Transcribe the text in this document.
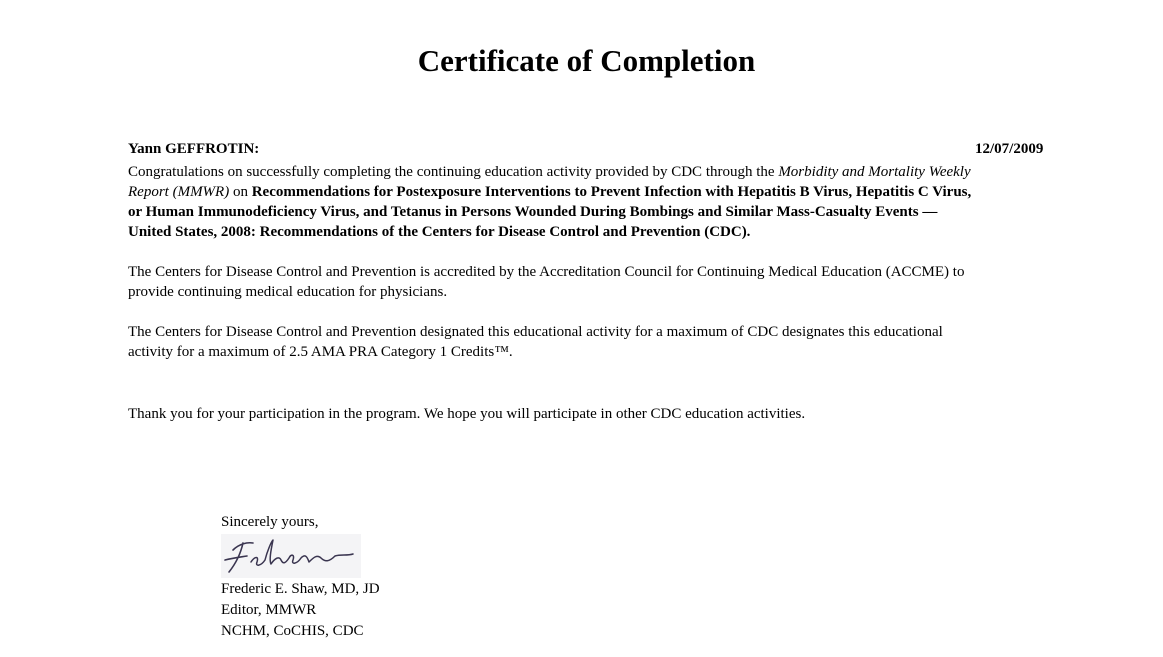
Certificate of Completion
Yann GEFFROTIN:	12/07/2009

Congratulations on successfully completing the continuing education activity provided by CDC through the Morbidity and Mortality Weekly Report (MMWR) on Recommendations for Postexposure Interventions to Prevent Infection with Hepatitis B Virus, Hepatitis C Virus, or Human Immunodeficiency Virus, and Tetanus in Persons Wounded During Bombings and Similar Mass-Casualty Events — United States, 2008: Recommendations of the Centers for Disease Control and Prevention (CDC).

The Centers for Disease Control and Prevention is accredited by the Accreditation Council for Continuing Medical Education (ACCME) to provide continuing medical education for physicians.

The Centers for Disease Control and Prevention designated this educational activity for a maximum of CDC designates this educational activity for a maximum of 2.5 AMA PRA Category 1 Credits™.

Thank you for your participation in the program. We hope you will participate in other CDC education activities.

Sincerely yours,
Frederic E. Shaw, MD, JD
Editor, MMWR
NCHM, CoCHIS, CDC
